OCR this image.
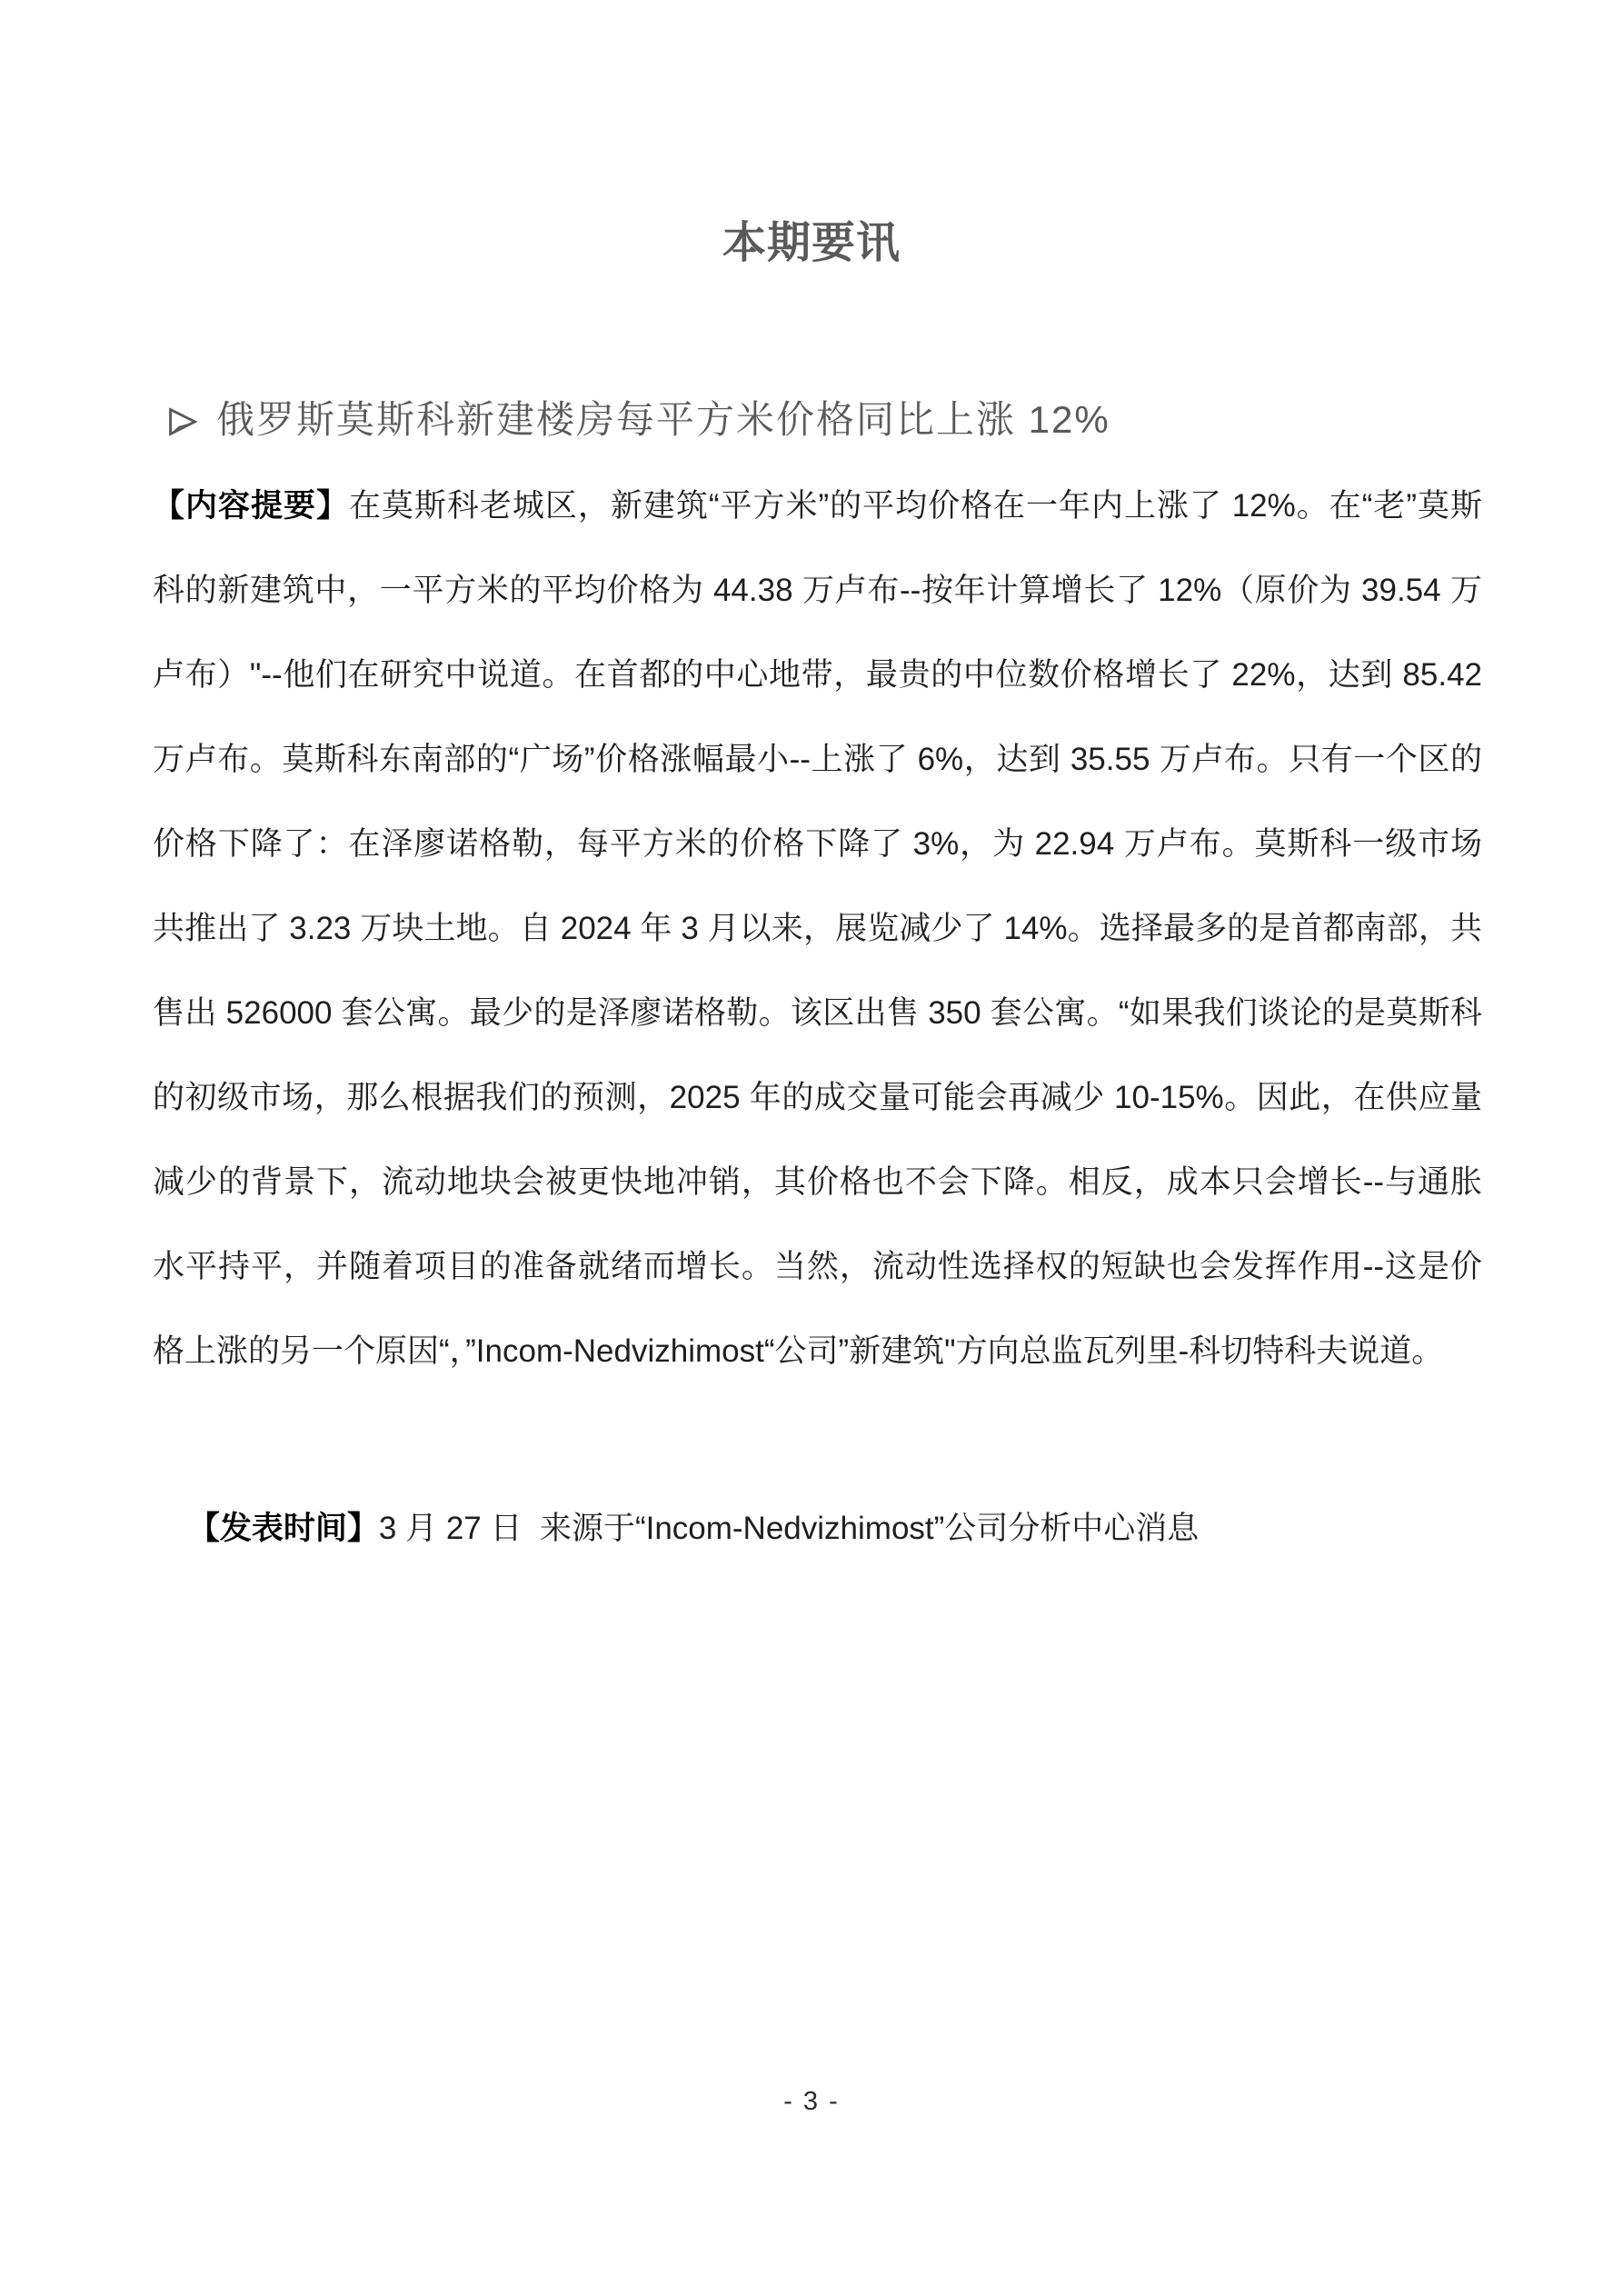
本期要讯
俄罗斯莫斯科新建楼房每平方米价格同比上涨 12%
【内容提要】在莫斯科老城区，新建筑“平方米”的平均价格在一年内上涨了 12%。在“老”莫斯
科的新建筑中，一平方米的平均价格为 44.38 万卢布--按年计算增长了 12%（原价为 39.54 万
卢布）"--他们在研究中说道。在首都的中心地带，最贵的中位数价格增长了 22%，达到 85.42
万卢布。莫斯科东南部的“广场”价格涨幅最小--上涨了 6%，达到 35.55 万卢布。只有一个区的
价格下降了：在泽廖诺格勒，每平方米的价格下降了 3%，为 22.94 万卢布。莫斯科一级市场
共推出了 3.23 万块土地。自 2024 年 3 月以来，展览减少了 14%。选择最多的是首都南部，共
售出 526000 套公寓。最少的是泽廖诺格勒。该区出售 350 套公寓。“如果我们谈论的是莫斯科
的初级市场，那么根据我们的预测，2025 年的成交量可能会再减少 10-15%。因此，在供应量
减少的背景下，流动地块会被更快地冲销，其价格也不会下降。相反，成本只会增长--与通胀
水平持平，并随着项目的准备就绪而增长。当然，流动性选择权的短缺也会发挥作用--这是价
格上涨的另一个原因“，”Incom-Nedvizhimost“公司”新建筑"方向总监瓦列里-科切特科夫说道。

【发表时间】3 月 27 日  来源于“Incom-Nedvizhimost”公司分析中心消息

- 3 -
